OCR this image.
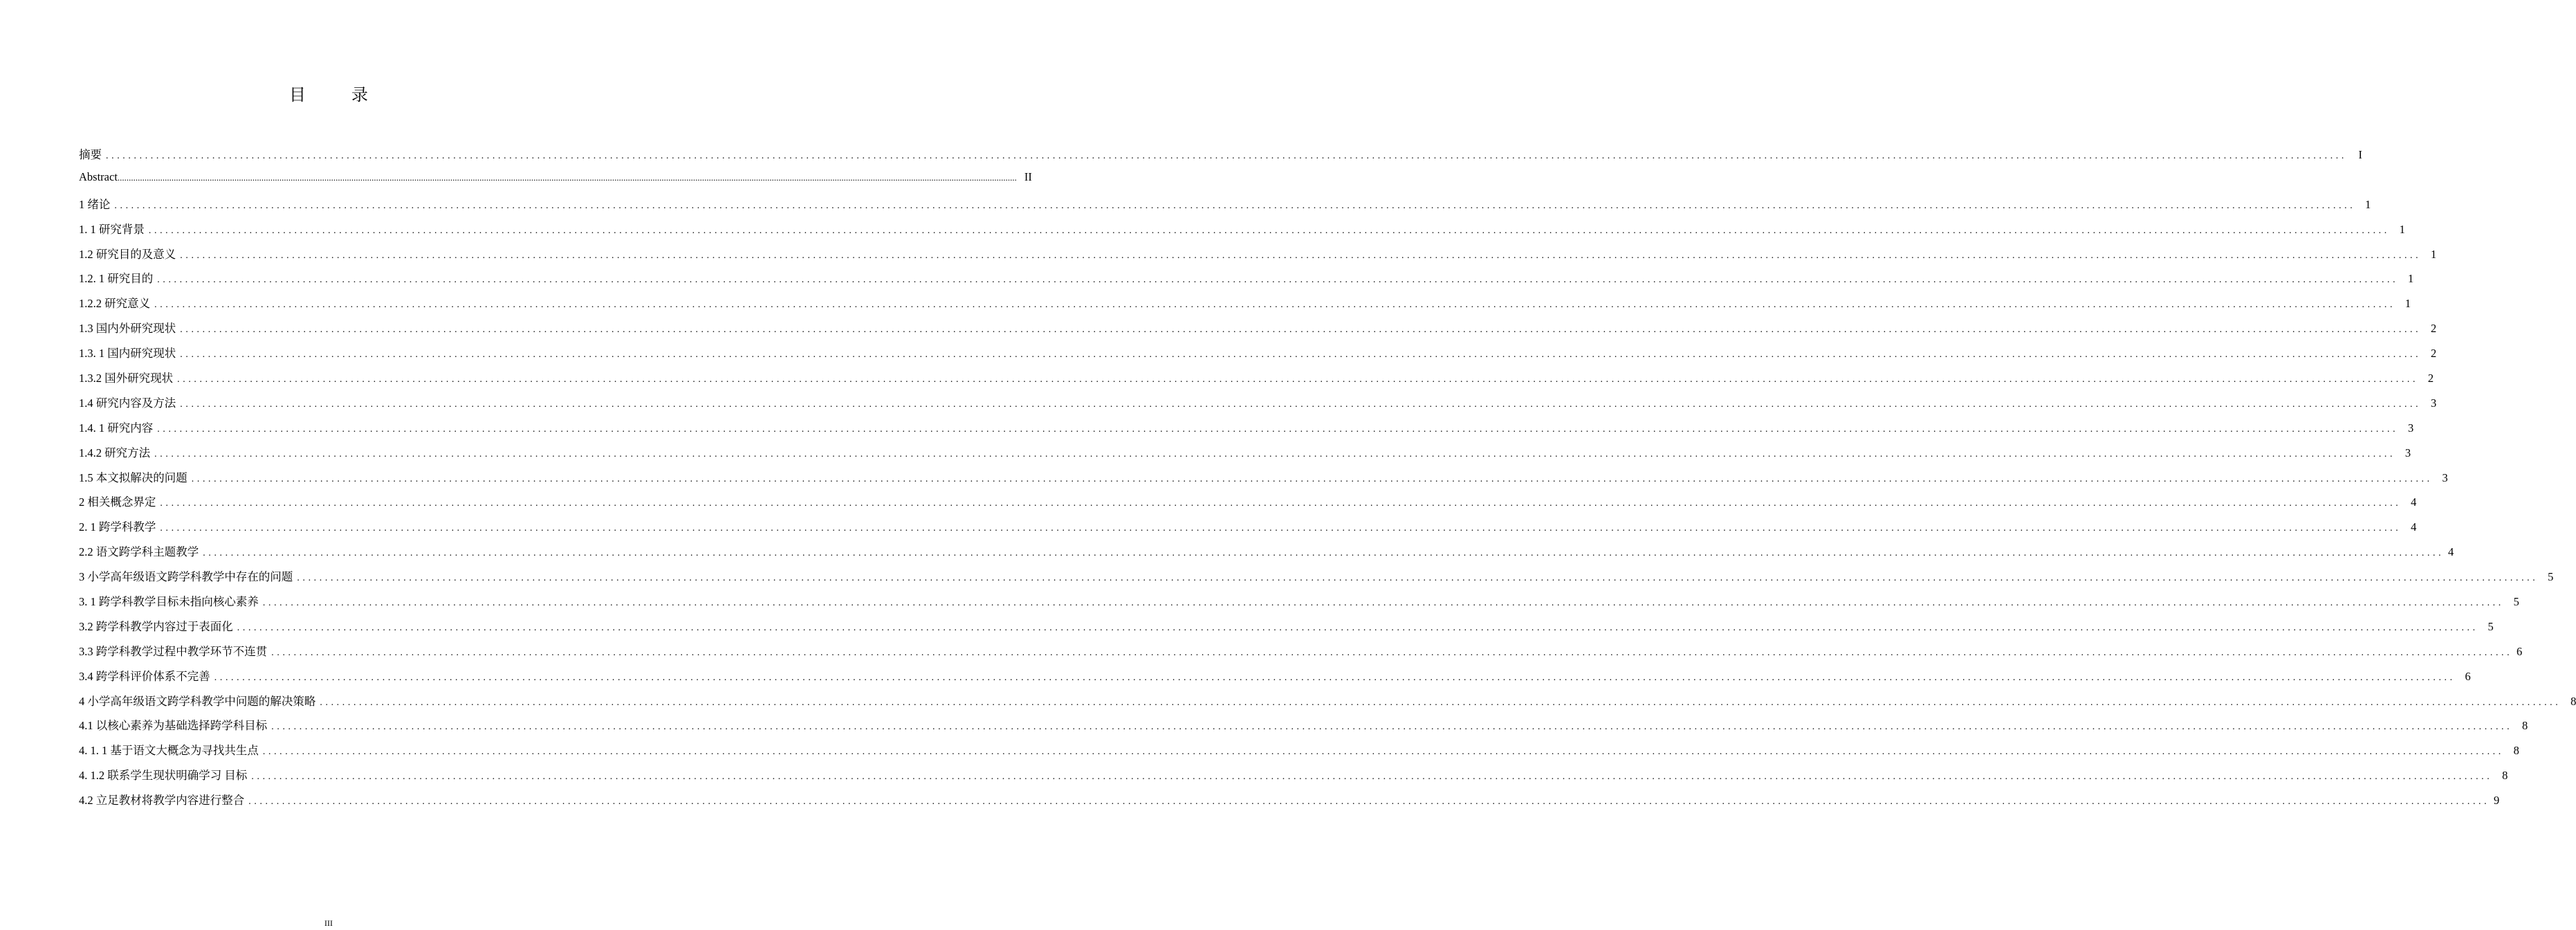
目 录
摘要 ................................................................................................................................................................................................................................................................................................................................................................................................................	I
Abstract ................................................................................................................................................................................................................................................................................................................................................................................................................ II
1 绪论 ................................................................................................................................................................................................................................................................................................................................................................................................................ 1
1. 1 研究背景 ................................................................................................................................................................................................................................................................................................................................................................................................................ 1
1.2 研究目的及意义 ................................................................................................................................................................................................................................................................................................................................................................................................................ 1
1.2. 1 研究目的 ................................................................................................................................................................................................................................................................................................................................................................................................................ 1
1.2.2 研究意义 ................................................................................................................................................................................................................................................................................................................................................................................................................ 1
1.3 国内外研究现状 ................................................................................................................................................................................................................................................................................................................................................................................................................ 2
1.3. 1 国内研究现状 ................................................................................................................................................................................................................................................................................................................................................................................................................ 2
1.3.2 国外研究现状 ................................................................................................................................................................................................................................................................................................................................................................................................................ 2
1.4 研究内容及方法 ................................................................................................................................................................................................................................................................................................................................................................................................................ 3
1.4. 1 研究内容 ................................................................................................................................................................................................................................................................................................................................................................................................................ 3
1.4.2 研究方法 ................................................................................................................................................................................................................................................................................................................................................................................................................ 3
1.5 本文拟解决的问题 ................................................................................................................................................................................................................................................................................................................................................................................................................ 3
2 相关概念界定 ................................................................................................................................................................................................................................................................................................................................................................................................................ 4
2. 1 跨学科教学 ................................................................................................................................................................................................................................................................................................................................................................................................................ 4
2.2 语文跨学科主题教学 ................................................................................................................................................................................................................................................................................................................................................................................................................ 4
3 小学高年级语文跨学科教学中存在的问题 ................................................................................................................................................................................................................................................................................................................................................................................................................ 5
3. 1 跨学科教学目标未指向核心素养 ................................................................................................................................................................................................................................................................................................................................................................................................................ 5
3.2 跨学科教学内容过于表面化 ................................................................................................................................................................................................................................................................................................................................................................................................................ 5
3.3 跨学科教学过程中教学环节不连贯 ................................................................................................................................................................................................................................................................................................................................................................................................................ 6
3.4 跨学科评价体系不完善 ................................................................................................................................................................................................................................................................................................................................................................................................................ 6
4 小学高年级语文跨学科教学中问题的解决策略 ................................................................................................................................................................................................................................................................................................................................................................................................................ 8
4.1 以核心素养为基础选择跨学科目标 ................................................................................................................................................................................................................................................................................................................................................................................................................ 8
4. 1. 1 基于语文大概念为寻找共生点 ................................................................................................................................................................................................................................................................................................................................................................................................................ 8
4. 1.2 联系学生现状明确学习 目标 ................................................................................................................................................................................................................................................................................................................................................................................................................ 8
4.2 立足教材将教学内容进行整合 ................................................................................................................................................................................................................................................................................................................................................................................................................ 9
III
